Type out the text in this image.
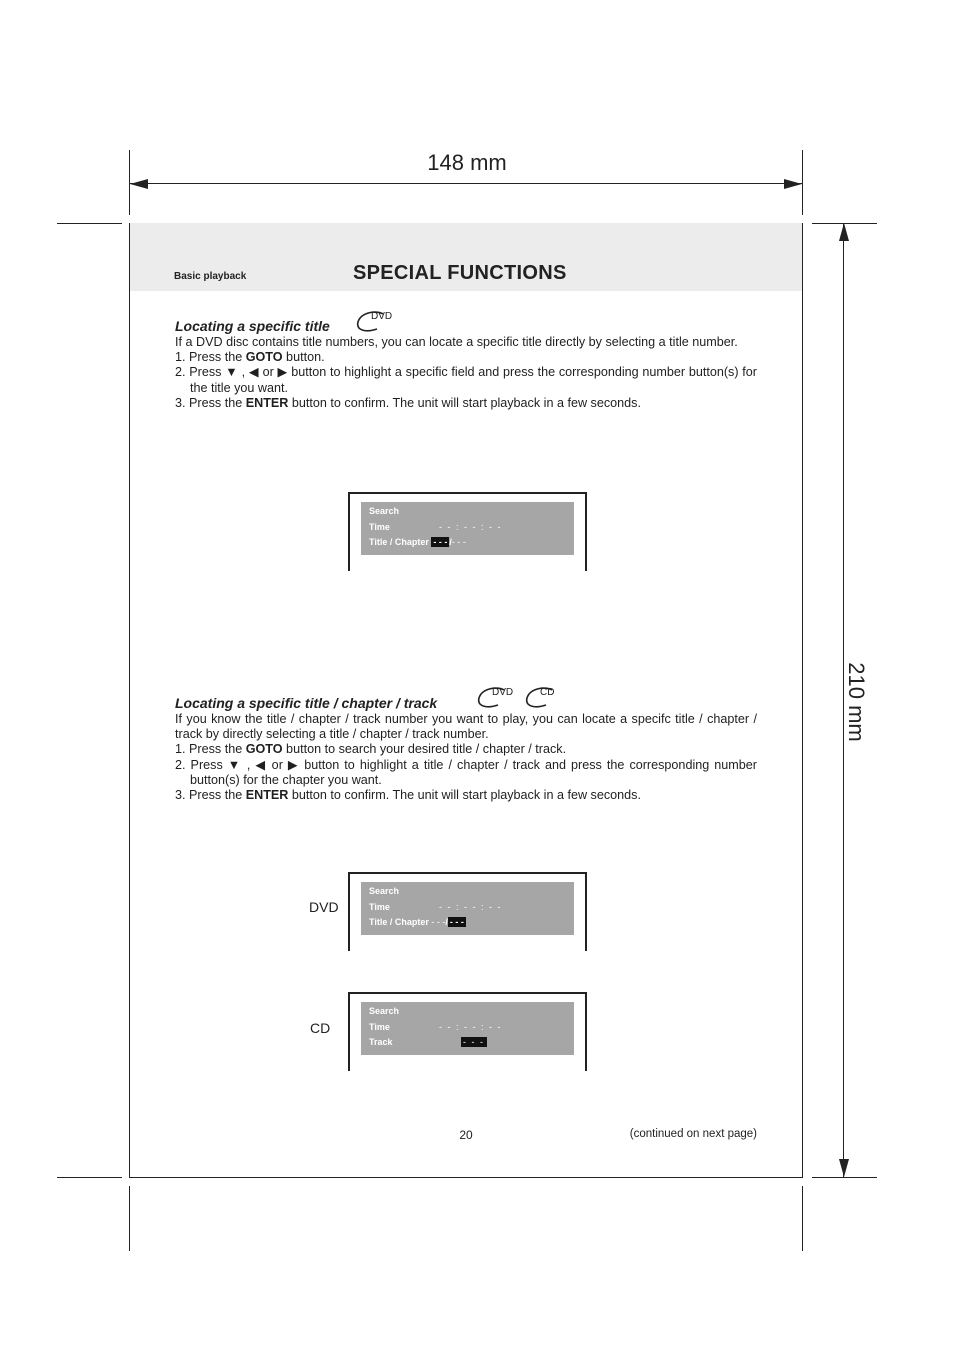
148 mm
210 mm
Basic playback	SPECIAL FUNCTIONS
Locating a specific title
DVD

If a DVD disc contains title numbers, you can locate a specific title directly by selecting a title number.

1. Press the GOTO button.

2. Press ▼ , ◀ or ▶ button to highlight a specific field and press the corresponding number button(s) for the title you want.

3. Press the ENTER button to confirm. The unit will start playback in a few seconds.

Search
Time	- - : - - : - -
Title / Chapter - - - /- - -
Locating a specific title / chapter / track
DVD	CD

If you know the title / chapter / track number you want to play, you can locate a specifc title / chapter / track by directly selecting a title / chapter / track number.

1. Press the GOTO button to search your desired title / chapter / track.

2. Press ▼ , ◀ or ▶ button to highlight a title / chapter / track and press the corresponding number button(s) for the chapter you want.

3. Press the ENTER button to confirm. The unit will start playback in a few seconds.

DVD
Search
Time	- - : - - : - -
Title / Chapter - - -/ - - -
CD
Search
Time	- - : - - : - -
Track	- - -
20	(continued on next page)
